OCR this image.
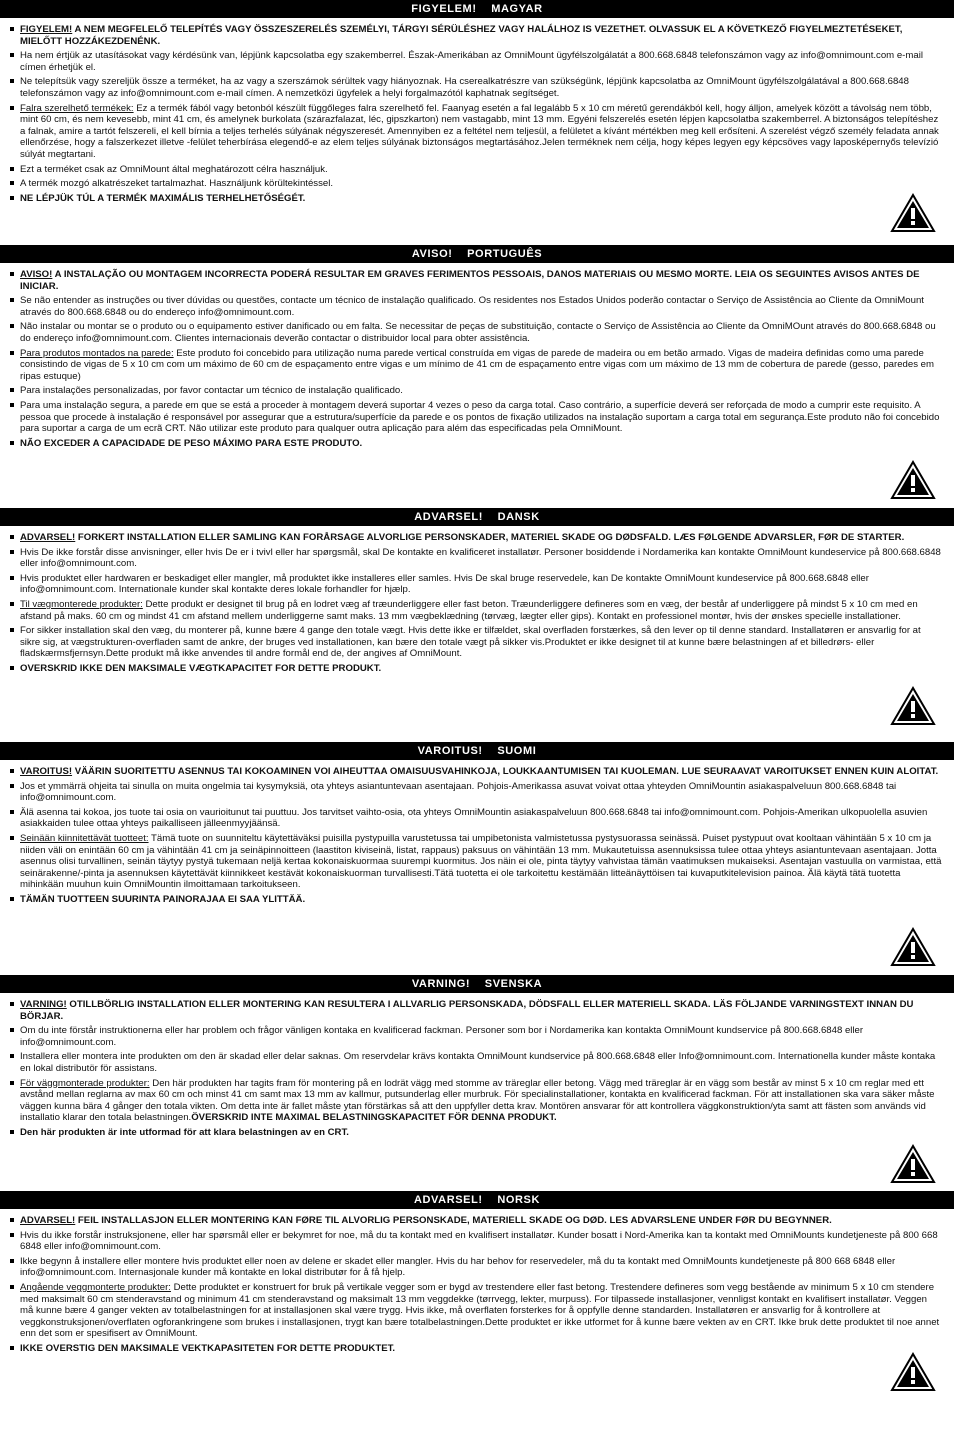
FIGYELEM!    MAGYAR
FIGYELEM! A NEM MEGFELELŐ TELEPÍTÉS VAGY ÖSSZESZERELÉS SZEMÉLYI, TÁRGYI SÉRÜLÉSHEZ VAGY HALÁLHOZ IS VEZETHET. OLVASSUK EL A KÖVETKEZŐ FIGYELMEZTETÉSEKET, MIELŐTT HOZZÁKEZDENÉNK.
Ha nem értjük az utasításokat vagy kérdésünk van, lépjünk kapcsolatba egy szakemberrel. Észak-Amerikában az OmniMount ügyfélszolgálatát a 800.668.6848 telefonszámon vagy az info@omnimount.com e-mail címen érhetjük el.
Ne telepítsük vagy szereljük össze a terméket, ha az vagy a szerszámok sérültek vagy hiányoznak. Ha cserealkatrészre van szükségünk, lépjünk kapcsolatba az OmniMount ügyfélszolgálatával a 800.668.6848 telefonszámon vagy az info@omnimount.com e-mail címen. A nemzetközi ügyfelek a helyi forgalmazótól kaphatnak segítséget.
Falra szerelhető termékek: Ez a termék fából vagy betonból készült függőleges falra szerelhető fel. Faanyag esetén a fal legalább 5 x 10 cm méretű gerendákból kell, hogy álljon, amelyek között a távolság nem több, mint 60 cm, és nem kevesebb, mint 41 cm, és amelynek burkolata (szárazfalazat, léc, gipszkarton) nem vastagabb, mint 13 mm. Egyéni felszerelés esetén lépjen kapcsolatba szakemberrel. A biztonságos telepítéshez a falnak, amire a tartót felszereli, el kell bírnia a teljes terhelés súlyának négyszeresét. Amennyiben ez a feltétel nem teljesül, a felületet a kívánt mértékben meg kell erősíteni. A szerelést végző személy feladata annak ellenőrzése, hogy a falszerkezet illetve -felület teherbírása elegendő-e az elem teljes súlyának biztonságos megtartásához.Jelen terméknek nem célja, hogy képes legyen egy képcsöves vagy laposképernyős televízió súlyát megtartani.
Ezt a terméket csak az OmniMount által meghatározott célra használjuk.
A termék mozgó alkatrészeket tartalmazhat. Használjunk körültekintéssel.
NE LÉPJÜK TÚL A TERMÉK MAXIMÁLIS TERHELHETŐSÉGÉT.
AVISO!    PORTUGUÊS
AVISO! A INSTALAÇÃO OU MONTAGEM INCORRECTA PODERÁ RESULTAR EM GRAVES FERIMENTOS PESSOAIS, DANOS MATERIAIS OU MESMO MORTE. LEIA OS SEGUINTES AVISOS ANTES DE INICIAR.
Se não entender as instruções ou tiver dúvidas ou questões, contacte um técnico de instalação qualificado. Os residentes nos Estados Unidos poderão contactar o Serviço de Assistência ao Cliente da OmniMount através do 800.668.6848 ou do endereço info@omnimount.com.
Não instalar ou montar se o produto ou o equipamento estiver danificado ou em falta. Se necessitar de peças de substituição, contacte o Serviço de Assistência ao Cliente da OmniMOunt através do 800.668.6848 ou do endereço info@omnimount.com. Clientes internacionais deverão contactar o distribuidor local para obter assistência.
Para produtos montados na parede: Este produto foi concebido para utilização numa parede vertical construída em vigas de parede de madeira ou em betão armado. Vigas de madeira definidas como uma parede consistindo de vigas de 5 x 10 cm com um máximo de 60 cm de espaçamento entre vigas e um mínimo de 41 cm de espaçamento entre vigas com um máximo de 13 mm de cobertura de parede (gesso, paredes em ripas estuque)
Para instalações personalizadas, por favor contactar um técnico de instalação qualificado.
Para uma instalação segura, a parede em que se está a proceder à montagem deverá suportar 4 vezes o peso da carga total. Caso contrário, a superfície deverá ser reforçada de modo a cumprir este requisito. A pessoa que procede à instalação é responsável por assegurar que a estrutura/superfície da parede e os pontos de fixação utilizados na instalação suportam a carga total em segurança.Este produto não foi concebido para suportar a carga de um ecrã CRT. Não utilizar este produto para qualquer outra aplicação para além das especificadas pela OmniMount.
NÃO EXCEDER A CAPACIDADE DE PESO MÁXIMO PARA ESTE PRODUTO.
ADVARSEL!    DANSK
ADVARSEL! FORKERT INSTALLATION ELLER SAMLING KAN FORÅRSAGE ALVORLIGE PERSONSKADER, MATERIEL SKADE OG DØDSFALD. LÆS FØLGENDE ADVARSLER, FØR DE STARTER.
Hvis De ikke forstår disse anvisninger, eller hvis De er i tvivl eller har spørgsmål, skal De kontakte en kvalificeret installatør. Personer bosiddende i Nordamerika kan kontakte OmniMount kundeservice på 800.668.6848 eller info@omnimount.com.
Hvis produktet eller hardwaren er beskadiget eller mangler, må produktet ikke installeres eller samles. Hvis De skal bruge reservedele, kan De kontakte OmniMount kundeservice på 800.668.6848 eller info@omnimount.com. Internationale kunder skal kontakte deres lokale forhandler for hjælp.
Til vægmonterede produkter: Dette produkt er designet til brug på en lodret væg af træunderliggere eller fast beton. Træunderliggere defineres som en væg, der består af underliggere på mindst 5 x 10 cm med en afstand på maks. 60 cm og mindst 41 cm afstand mellem underliggerne samt maks. 13 mm vægbeklædning (tørvæg, lægter eller gips). Kontakt en professionel montør, hvis der ønskes specielle installationer.
For sikker installation skal den væg, du monterer på, kunne bære 4 gange den totale vægt. Hvis dette ikke er tilfældet, skal overfladen forstærkes, så den lever op til denne standard. Installatøren er ansvarlig for at sikre sig, at vægstrukturen-overfladen samt de ankre, der bruges ved installationen, kan bære den totale vægt på sikker vis.Produktet er ikke designet til at kunne bære belastningen af et billedrørs- eller fladskærmsfjernsyn.Dette produkt må ikke anvendes til andre formål end de, der angives af OmniMount.
OVERSKRID IKKE DEN MAKSIMALE VÆGTKAPACITET FOR DETTE PRODUKT.
VAROITUS!    SUOMI
VAROITUS! VÄÄRIN SUORITETTU ASENNUS TAI KOKOAMINEN VOI AIHEUTTAA OMAISUUSVAHINKOJA, LOUKKAANTUMISEN TAI KUOLEMAN. LUE SEURAAVAT VAROITUKSET ENNEN KUIN ALOITAT.
Jos et ymmärrä ohjeita tai sinulla on muita ongelmia tai kysymyksiä, ota yhteys asiantuntevaan asentajaan. Pohjois-Amerikassa asuvat voivat ottaa yhteyden OmniMountin asiakaspalveluun 800.668.6848 tai info@omnimount.com.
Älä asenna tai kokoa, jos tuote tai osia on vaurioitunut tai puuttuu. Jos tarvitset vaihto-osia, ota yhteys OmniMountin asiakaspalveluun 800.668.6848 tai info@omnimount.com. Pohjois-Amerikan ulkopuolella asuvien asiakkaiden tulee ottaa yhteys paikalliseen jälleenmyyjäänsä.
Seinään kiinnitettävät tuotteet: Tämä tuote on suunniteltu käytettäväksi puisilla pystypuilla varustetussa tai umpibetonista valmistetussa pystysuorassa seinässä. Puiset pystypuut ovat kooltaan vähintään 5 x 10 cm ja niiden väli on enintään 60 cm ja vähintään 41 cm ja seinäpinnoitteen (laastiton kiviseinä, listat, rappaus) paksuus on vähintään 13 mm. Mukautetuissa asennuksissa tulee ottaa yhteys asiantuntevaan asentajaan. Jotta asennus olisi turvallinen, seinän täytyy pystyä tukemaan neljä kertaa kokonaiskuormaa suurempi kuormitus. Jos näin ei ole, pinta täytyy vahvistaa tämän vaatimuksen mukaiseksi. Asentajan vastuulla on varmistaa, että seinärakenne/-pinta ja asennuksen käytettävät kiinnikkeet kestävät kokonaiskuorman turvallisesti.Tätä tuotetta ei ole tarkoitettu kestämään litteänäyttöisen tai kuvaputkitelevision painoa. Älä käytä tätä tuotetta mihinkään muuhun kuin OmniMountin ilmoittamaan tarkoitukseen.
TÄMÄN TUOTTEEN SUURINTA PAINORAJAA EI SAA YLITTÄÄ.
VARNING!    SVENSKA
VARNING! OTILLBÖRLIG INSTALLATION ELLER MONTERING KAN RESULTERA I ALLVARLIG PERSONSKADA, DÖDSFALL ELLER MATERIELL SKADA. LÄS FÖLJANDE VARNINGSTEXT INNAN DU BÖRJAR.
Om du inte förstår instruktionerna eller har problem och frågor vänligen kontaka en kvalificerad fackman. Personer som bor i Nordamerika kan kontakta OmniMount kundservice på 800.668.6848 eller info@omnimount.com.
Installera eller montera inte produkten om den är skadad eller delar saknas. Om reservdelar krävs kontakta OmniMount kundservice på 800.668.6848 eller Info@omnimount.com. Internationella kunder måste kontaka en lokal distributör för assistans.
För väggmonterade produkter: Den här produkten har tagits fram för montering på en lodrät vägg med stomme av träreglar eller betong. Vägg med träreglar är en vägg som består av minst 5 x 10 cm reglar med ett avstånd mellan reglarna av max 60 cm och minst 41 cm samt max 13 mm av kallmur, putsunderlag eller murbruk. För specialinstallationer, kontakta en kvalificerad fackman. För att installationen ska vara säker måste väggen kunna bära 4 gånger den totala vikten. Om detta inte är fallet måste ytan förstärkas så att den uppfyller detta krav. Montören ansvarar för att kontrollera väggkonstruktion/yta samt att fästen som används vid installatio klarar den totala belastningen.ÖVERSKRID INTE MAXIMAL BELASTNINGSKAPACITET FÖR DENNA PRODUKT.
Den här produkten är inte utformad för att klara belastningen av en CRT.
ADVARSEL!    NORSK
ADVARSEL! FEIL INSTALLASJON ELLER MONTERING KAN FØRE TIL ALVORLIG PERSONSKADE, MATERIELL SKADE OG DØD. LES ADVARSLENE UNDER FØR DU BEGYNNER.
Hvis du ikke forstår instruksjonene, eller har spørsmål eller er bekymret for noe, må du ta kontakt med en kvalifisert installatør. Kunder bosatt i Nord-Amerika kan ta kontakt med OmniMounts kundetjeneste på 800 668 6848 eller info@omnimount.com.
Ikke begynn å installere eller montere hvis produktet eller noen av delene er skadet eller mangler. Hvis du har behov for reservedeler, må du ta kontakt med OmniMounts kundetjeneste på 800 668 6848 eller info@omnimount.com. Internasjonale kunder må kontakte en lokal distributør for å få hjelp.
Angående veggmonterte produkter: Dette produktet er konstruert for bruk på vertikale vegger som er bygd av trestendere eller fast betong. Trestendere defineres som vegg bestående av minimum 5 x 10 cm stendere med maksimalt 60 cm stenderavstand og minimum 41 cm stenderavstand og maksimalt 13 mm veggdekke (tørrvegg, lekter, murpuss). For tilpassede installasjoner, vennligst kontakt en kvalifisert installatør. Veggen må kunne bære 4 ganger vekten av totalbelastningen for at installasjonen skal være trygg. Hvis ikke, må overflaten forsterkes for å oppfylle denne standarden. Installatøren er ansvarlig for å kontrollere at veggkonstruksjonen/overflaten ogforankringene som brukes i installasjonen, trygt kan bære totalbelastningen.Dette produktet er ikke utformet for å kunne bære vekten av en CRT. Ikke bruk dette produktet til noe annet enn det som er spesifisert av OmniMount.
IKKE OVERSTIG DEN MAKSIMALE VEKTKAPASITETEN FOR DETTE PRODUKTET.
